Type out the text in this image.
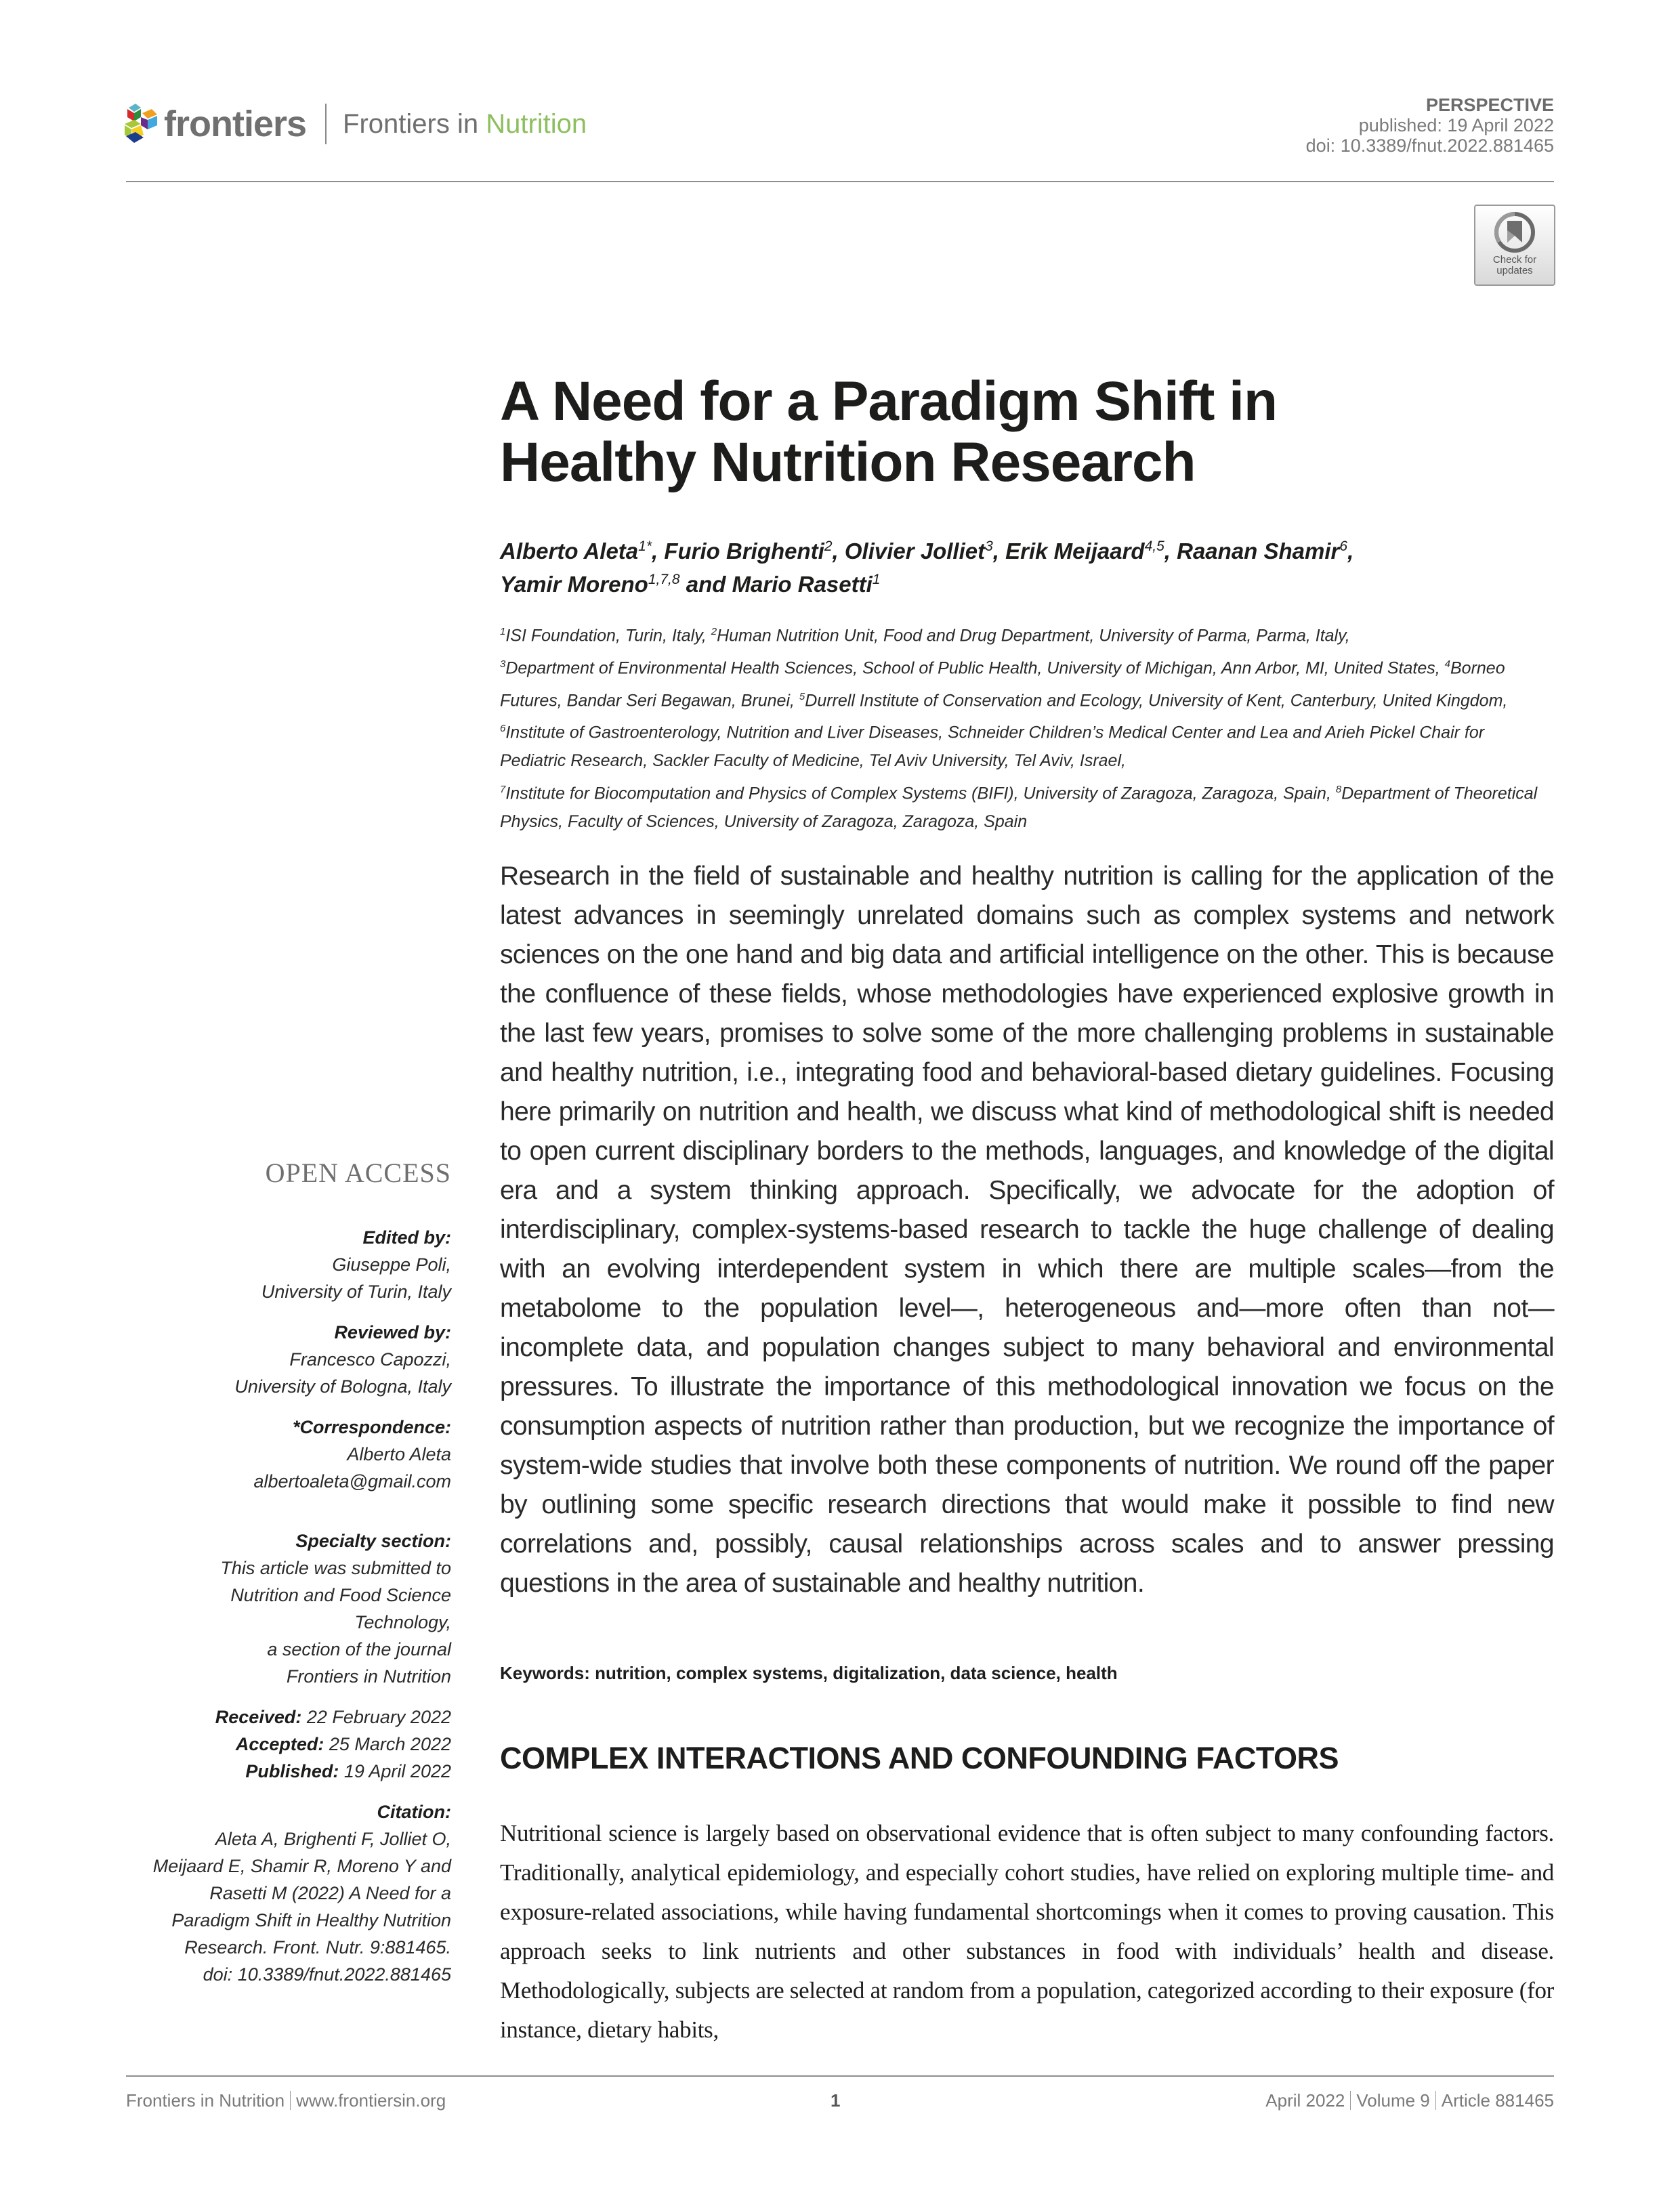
frontiers Frontiers in Nutrition
PERSPECTIVE
published: 19 April 2022
doi: 10.3389/fnut.2022.881465
Check for
updates
A Need for a Paradigm Shift in
Healthy Nutrition Research
Alberto Aleta$^{1*}$, Furio Brighenti$^2$, Olivier Jolliet$^3$, Erik Meijaard$^{4,5}$, Raanan Shamir$^6$,
Yamir Moreno$^{1,7,8}$ and Mario Rasetti$^1$
$^1$ISI Foundation, Turin, Italy, $^2$Human Nutrition Unit, Food and Drug Department, University of Parma, Parma, Italy,
$^3$Department of Environmental Health Sciences, School of Public Health, University of Michigan, Ann Arbor, MI, United States, $^4$Borneo Futures, Bandar Seri Begawan, Brunei, $^5$Durrell Institute of Conservation and Ecology, University of Kent, Canterbury, United Kingdom, $^6$Institute of Gastroenterology, Nutrition and Liver Diseases, Schneider Children’s Medical Center and Lea and Arieh Pickel Chair for Pediatric Research, Sackler Faculty of Medicine, Tel Aviv University, Tel Aviv, Israel,
$^7$Institute for Biocomputation and Physics of Complex Systems (BIFI), University of Zaragoza, Zaragoza, Spain, $^8$Department of Theoretical Physics, Faculty of Sciences, University of Zaragoza, Zaragoza, Spain
Research in the field of sustainable and healthy nutrition is calling for the application of the latest advances in seemingly unrelated domains such as complex systems and network sciences on the one hand and big data and artificial intelligence on the other. This is because the confluence of these fields, whose methodologies have experienced explosive growth in the last few years, promises to solve some of the more challenging problems in sustainable and healthy nutrition, i.e., integrating food and behavioral-based dietary guidelines. Focusing here primarily on nutrition and health, we discuss what kind of methodological shift is needed to open current disciplinary borders to the methods, languages, and knowledge of the digital era and a system thinking approach. Specifically, we advocate for the adoption of interdisciplinary, complex-systems-based research to tackle the huge challenge of dealing with an evolving interdependent system in which there are multiple scales—from the metabolome to the population level—, heterogeneous and—more often than not— incomplete data, and population changes subject to many behavioral and environmental pressures. To illustrate the importance of this methodological innovation we focus on the consumption aspects of nutrition rather than production, but we recognize the importance of system-wide studies that involve both these components of nutrition. We round off the paper by outlining some specific research directions that would make it possible to find new correlations and, possibly, causal relationships across scales and to answer pressing questions in the area of sustainable and healthy nutrition.
Keywords: nutrition, complex systems, digitalization, data science, health
COMPLEX INTERACTIONS AND CONFOUNDING FACTORS
Nutritional science is largely based on observational evidence that is often subject to many confounding factors. Traditionally, analytical epidemiology, and especially cohort studies, have relied on exploring multiple time- and exposure-related associations, while having fundamental shortcomings when it comes to proving causation. This approach seeks to link nutrients and other substances in food with individuals’ health and disease. Methodologically, subjects are selected at random from a population, categorized according to their exposure (for instance, dietary habits,
OPEN ACCESS
Edited by:
Giuseppe Poli,
University of Turin, Italy
Reviewed by:
Francesco Capozzi,
University of Bologna, Italy
*Correspondence:
Alberto Aleta
albertoaleta@gmail.com
Specialty section:
This article was submitted to
Nutrition and Food Science
Technology,
a section of the journal
Frontiers in Nutrition
Received: 22 February 2022
Accepted: 25 March 2022
Published: 19 April 2022
Citation:
Aleta A, Brighenti F, Jolliet O,
Meijaard E, Shamir R, Moreno Y and
Rasetti M (2022) A Need for a
Paradigm Shift in Healthy Nutrition
Research. Front. Nutr. 9:881465.
doi: 10.3389/fnut.2022.881465
Frontiers in Nutrition www.frontiersin.org	1	April 2022 Volume 9 Article 881465
